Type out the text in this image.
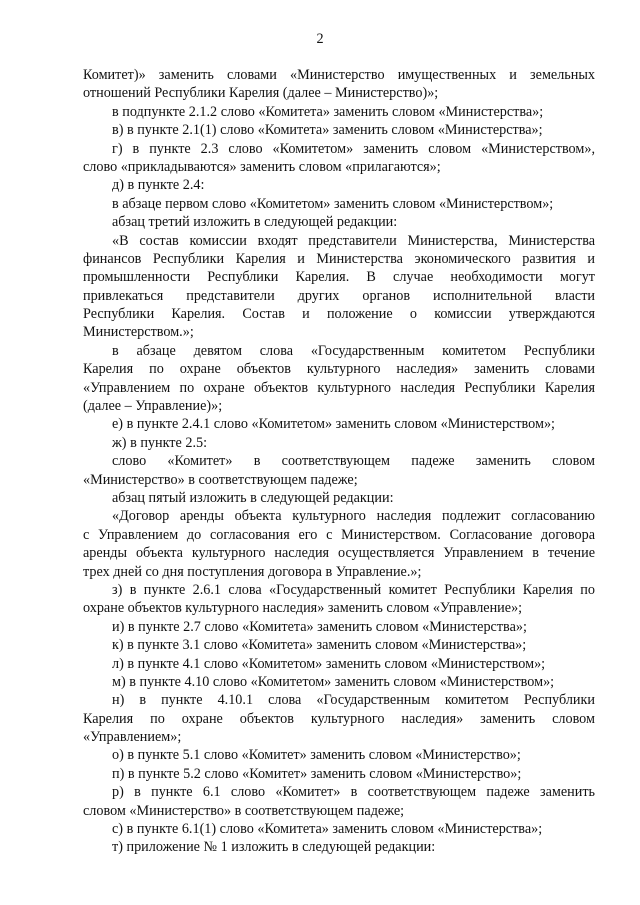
2
Комитет)» заменить словами «Министерство имущественных и земельных
отношений Республики Карелия (далее – Министерство)»;
в подпункте 2.1.2 слово «Комитета» заменить словом «Министерства»;
в) в пункте 2.1(1) слово «Комитета» заменить словом «Министерства»;
г) в пункте 2.3 слово «Комитетом» заменить словом «Министерством»,
слово «прикладываются» заменить словом «прилагаются»;
д) в пункте 2.4:
в абзаце первом слово «Комитетом» заменить словом «Министерством»;
абзац третий изложить в следующей редакции:
«В состав комиссии входят представители Министерства, Министерства
финансов Республики Карелия и Министерства экономического развития и
промышленности Республики Карелия. В случае необходимости могут
привлекаться представители других органов исполнительной власти
Республики Карелия. Состав и положение о комиссии утверждаются
Министерством.»;
в абзаце девятом слова «Государственным комитетом Республики
Карелия по охране объектов культурного наследия» заменить словами
«Управлением по охране объектов культурного наследия Республики Карелия
(далее – Управление)»;
е) в пункте 2.4.1 слово «Комитетом» заменить словом «Министерством»;
ж) в пункте 2.5:
слово «Комитет» в соответствующем падеже заменить словом
«Министерство» в соответствующем падеже;
абзац пятый изложить в следующей редакции:
«Договор аренды объекта культурного наследия подлежит согласованию
с Управлением до согласования его с Министерством. Согласование договора
аренды объекта культурного наследия осуществляется Управлением в течение
трех дней со дня поступления договора в Управление.»;
з) в пункте 2.6.1 слова «Государственный комитет Республики Карелия по
охране объектов культурного наследия» заменить словом «Управление»;
и) в пункте 2.7 слово «Комитета» заменить словом «Министерства»;
к) в пункте 3.1 слово «Комитета» заменить словом «Министерства»;
л) в пункте 4.1 слово «Комитетом» заменить словом «Министерством»;
м) в пункте 4.10 слово «Комитетом» заменить словом «Министерством»;
н) в пункте 4.10.1 слова «Государственным комитетом Республики
Карелия по охране объектов культурного наследия» заменить словом
«Управлением»;
о) в пункте 5.1 слово «Комитет» заменить словом «Министерство»;
п) в пункте 5.2 слово «Комитет» заменить словом «Министерство»;
р) в пункте 6.1 слово «Комитет» в соответствующем падеже заменить
словом «Министерство» в соответствующем падеже;
с) в пункте 6.1(1) слово «Комитета» заменить словом «Министерства»;
т) приложение № 1 изложить в следующей редакции:
